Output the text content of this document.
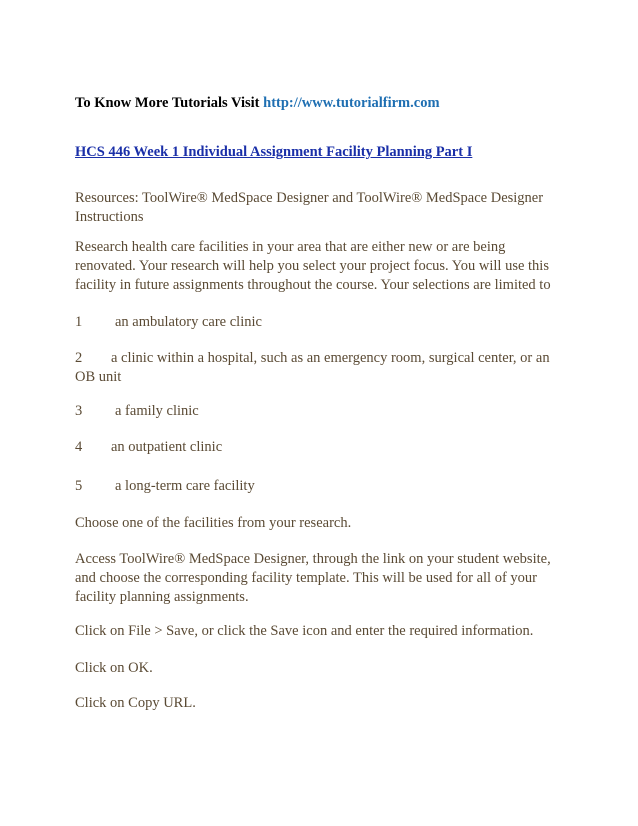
To Know More Tutorials Visit http://www.tutorialfirm.com

HCS 446 Week 1 Individual Assignment Facility Planning Part I

Resources: ToolWire® MedSpace Designer and ToolWire® MedSpace Designer Instructions

Research health care facilities in your area that are either new or are being renovated. Your research will help you select your project focus. You will use this facility in future assignments throughout the course. Your selections are limited to

1 an ambulatory care clinic

2 a clinic within a hospital, such as an emergency room, surgical center, or an OB unit

3 a family clinic

4 an outpatient clinic

5 a long-term care facility

Choose one of the facilities from your research.

Access ToolWire® MedSpace Designer, through the link on your student website, and choose the corresponding facility template. This will be used for all of your facility planning assignments.

Click on File > Save, or click the Save icon and enter the required information.

Click on OK.

Click on Copy URL.
